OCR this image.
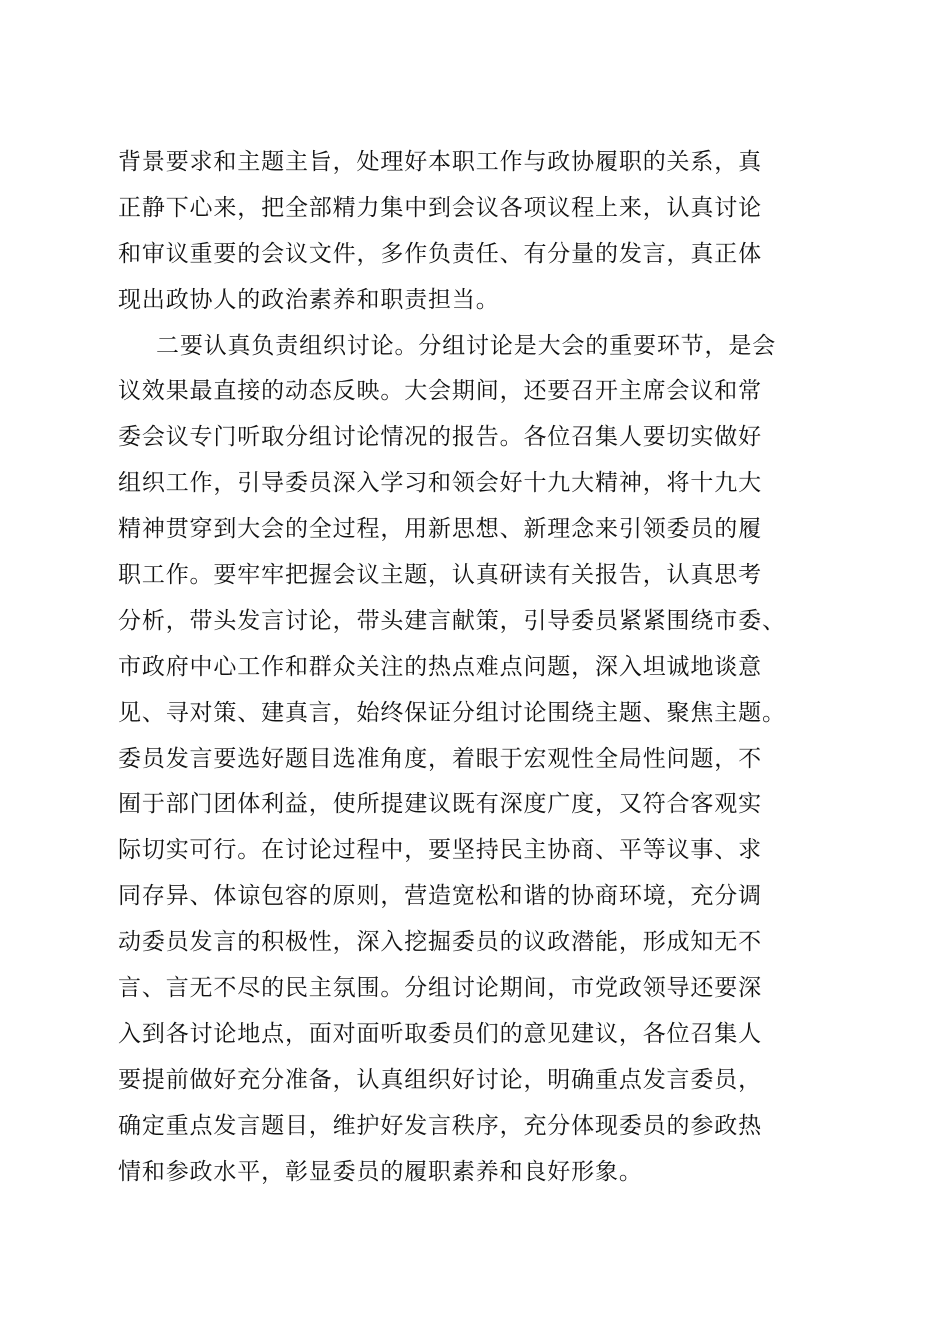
背景要求和主题主旨，处理好本职工作与政协履职的关系，真
正静下心来，把全部精力集中到会议各项议程上来，认真讨论
和审议重要的会议文件，多作负责任、有分量的发言，真正体
现出政协人的政治素养和职责担当。
二要认真负责组织讨论。分组讨论是大会的重要环节，是会
议效果最直接的动态反映。大会期间，还要召开主席会议和常
委会议专门听取分组讨论情况的报告。各位召集人要切实做好
组织工作，引导委员深入学习和领会好十九大精神，将十九大
精神贯穿到大会的全过程，用新思想、新理念来引领委员的履
职工作。要牢牢把握会议主题，认真研读有关报告，认真思考
分析，带头发言讨论，带头建言献策，引导委员紧紧围绕市委、
市政府中心工作和群众关注的热点难点问题，深入坦诚地谈意
见、寻对策、建真言，始终保证分组讨论围绕主题、聚焦主题。
委员发言要选好题目选准角度，着眼于宏观性全局性问题，不
囿于部门团体利益，使所提建议既有深度广度，又符合客观实
际切实可行。在讨论过程中，要坚持民主协商、平等议事、求
同存异、体谅包容的原则，营造宽松和谐的协商环境，充分调
动委员发言的积极性，深入挖掘委员的议政潜能，形成知无不
言、言无不尽的民主氛围。分组讨论期间，市党政领导还要深
入到各讨论地点，面对面听取委员们的意见建议，各位召集人
要提前做好充分准备，认真组织好讨论，明确重点发言委员，
确定重点发言题目，维护好发言秩序，充分体现委员的参政热
情和参政水平，彰显委员的履职素养和良好形象。
